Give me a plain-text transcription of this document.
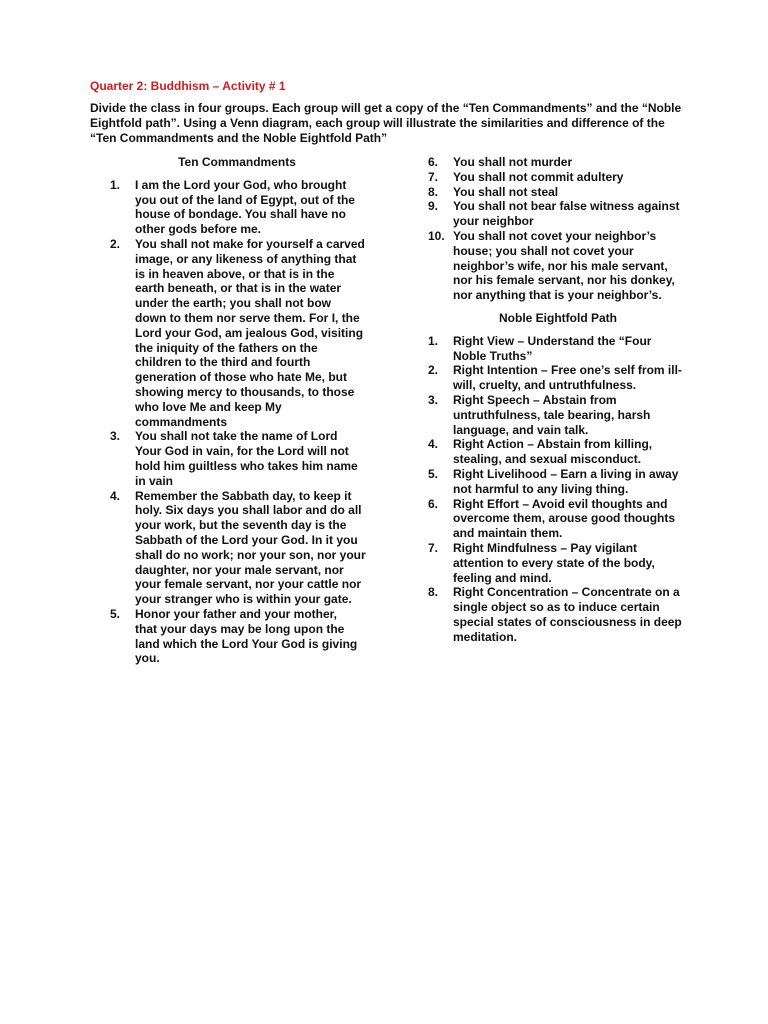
Quarter 2: Buddhism – Activity # 1
Divide the class in four groups. Each group will get a copy of the “Ten Commandments” and the “Noble
Eightfold path”. Using a Venn diagram, each group will illustrate the similarities and difference of the
“Ten Commandments and the Noble Eightfold Path”
Ten Commandments
1. I am the Lord your God, who brought
you out of the land of Egypt, out of the
house of bondage. You shall have no
other gods before me.
2. You shall not make for yourself a carved
image, or any likeness of anything that
is in heaven above, or that is in the
earth beneath, or that is in the water
under the earth; you shall not bow
down to them nor serve them. For I, the
Lord your God, am jealous God, visiting
the iniquity of the fathers on the
children to the third and fourth
generation of those who hate Me, but
showing mercy to thousands, to those
who love Me and keep My
commandments
3. You shall not take the name of Lord
Your God in vain, for the Lord will not
hold him guiltless who takes him name
in vain
4. Remember the Sabbath day, to keep it
holy. Six days you shall labor and do all
your work, but the seventh day is the
Sabbath of the Lord your God. In it you
shall do no work; nor your son, nor your
daughter, nor your male servant, nor
your female servant, nor your cattle nor
your stranger who is within your gate.
5. Honor your father and your mother,
that your days may be long upon the
land which the Lord Your God is giving
you.
6. You shall not murder
7. You shall not commit adultery
8. You shall not steal
9. You shall not bear false witness against
your neighbor
10. You shall not covet your neighbor’s
house; you shall not covet your
neighbor’s wife, nor his male servant,
nor his female servant, nor his donkey,
nor anything that is your neighbor’s.
Noble Eightfold Path
1. Right View – Understand the “Four
Noble Truths”
2. Right Intention – Free one’s self from ill-
will, cruelty, and untruthfulness.
3. Right Speech – Abstain from
untruthfulness, tale bearing, harsh
language, and vain talk.
4. Right Action – Abstain from killing,
stealing, and sexual misconduct.
5. Right Livelihood – Earn a living in away
not harmful to any living thing.
6. Right Effort – Avoid evil thoughts and
overcome them, arouse good thoughts
and maintain them.
7. Right Mindfulness – Pay vigilant
attention to every state of the body,
feeling and mind.
8. Right Concentration – Concentrate on a
single object so as to induce certain
special states of consciousness in deep
meditation.
